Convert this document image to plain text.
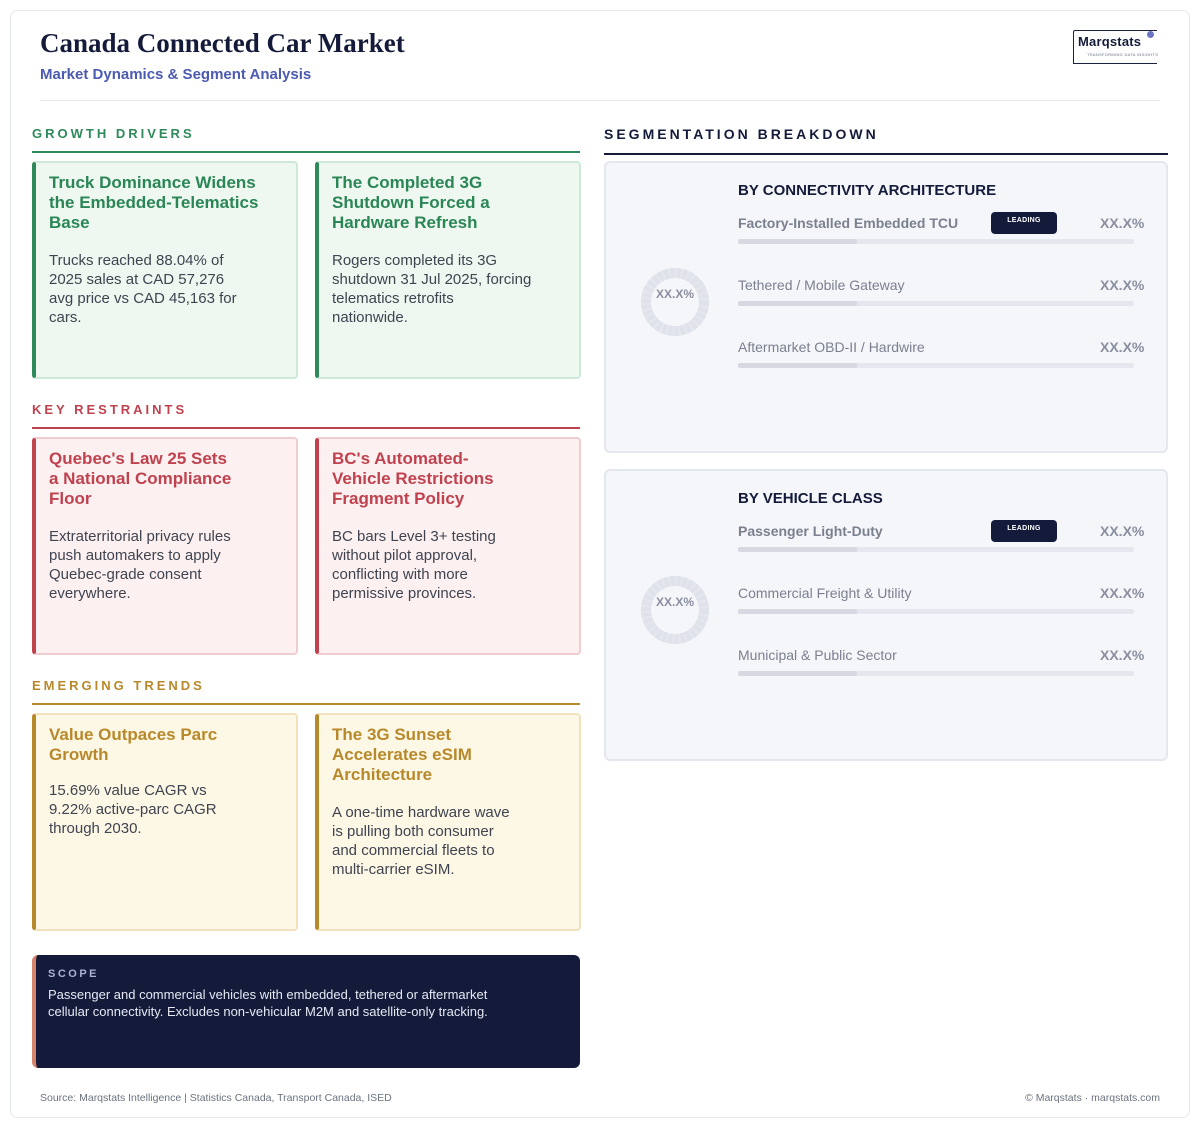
Canada Connected Car Market
Market Dynamics & Segment Analysis
Marqstats
TRANSFORMING DATA INSIGHTS
GROWTH DRIVERS
Truck Dominance Widens the Embedded-Telematics Base
Trucks reached 88.04% of 2025 sales at CAD 57,276 avg price vs CAD 45,163 for cars.
The Completed 3G Shutdown Forced a Hardware Refresh
Rogers completed its 3G shutdown 31 Jul 2025, forcing telematics retrofits nationwide.
KEY RESTRAINTS
Quebec's Law 25 Sets a National Compliance Floor
Extraterritorial privacy rules push automakers to apply Quebec-grade consent everywhere.
BC's Automated-Vehicle Restrictions Fragment Policy
BC bars Level 3+ testing without pilot approval, conflicting with more permissive provinces.
EMERGING TRENDS
Value Outpaces Parc Growth
15.69% value CAGR vs 9.22% active-parc CAGR through 2030.
The 3G Sunset Accelerates eSIM Architecture
A one-time hardware wave is pulling both consumer and commercial fleets to multi-carrier eSIM.
SCOPE
Passenger and commercial vehicles with embedded, tethered or aftermarket cellular connectivity. Excludes non-vehicular M2M and satellite-only tracking.
SEGMENTATION BREAKDOWN
BY CONNECTIVITY ARCHITECTURE
XX.X%
Factory-Installed Embedded TCU	LEADING	XX.X%
Tethered / Mobile Gateway	XX.X%
Aftermarket OBD-II / Hardwire	XX.X%
BY VEHICLE CLASS
XX.X%
Passenger Light-Duty	LEADING	XX.X%
Commercial Freight & Utility	XX.X%
Municipal & Public Sector	XX.X%
Source: Marqstats Intelligence | Statistics Canada, Transport Canada, ISED	© Marqstats · marqstats.com
